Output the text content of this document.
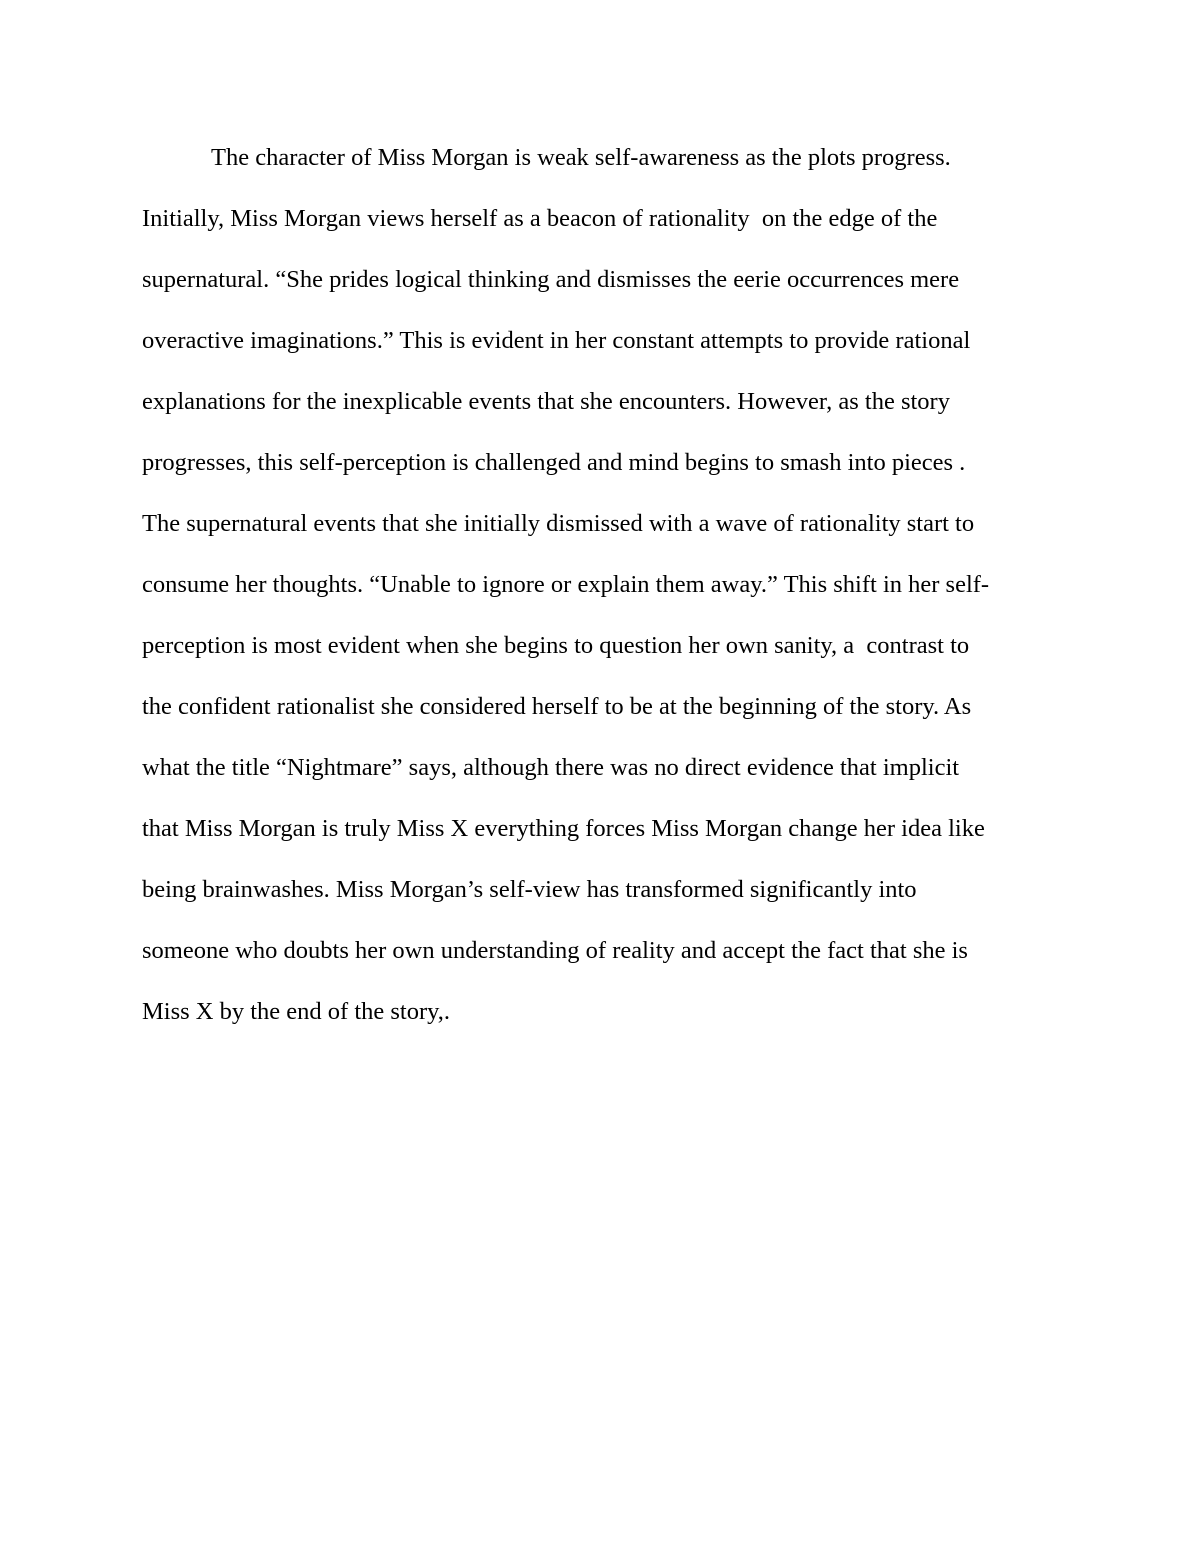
The character of Miss Morgan is weak self-awareness as the plots progress.
Initially, Miss Morgan views herself as a beacon of rationality  on the edge of the
supernatural. “She prides logical thinking and dismisses the eerie occurrences mere
overactive imaginations.” This is evident in her constant attempts to provide rational
explanations for the inexplicable events that she encounters. However, as the story
progresses, this self-perception is challenged and mind begins to smash into pieces .
The supernatural events that she initially dismissed with a wave of rationality start to
consume her thoughts. “Unable to ignore or explain them away.” This shift in her self-
perception is most evident when she begins to question her own sanity, a  contrast to
the confident rationalist she considered herself to be at the beginning of the story. As
what the title “Nightmare” says, although there was no direct evidence that implicit
that Miss Morgan is truly Miss X everything forces Miss Morgan change her idea like
being brainwashes. Miss Morgan’s self-view has transformed significantly into
someone who doubts her own understanding of reality and accept the fact that she is
Miss X by the end of the story,.
